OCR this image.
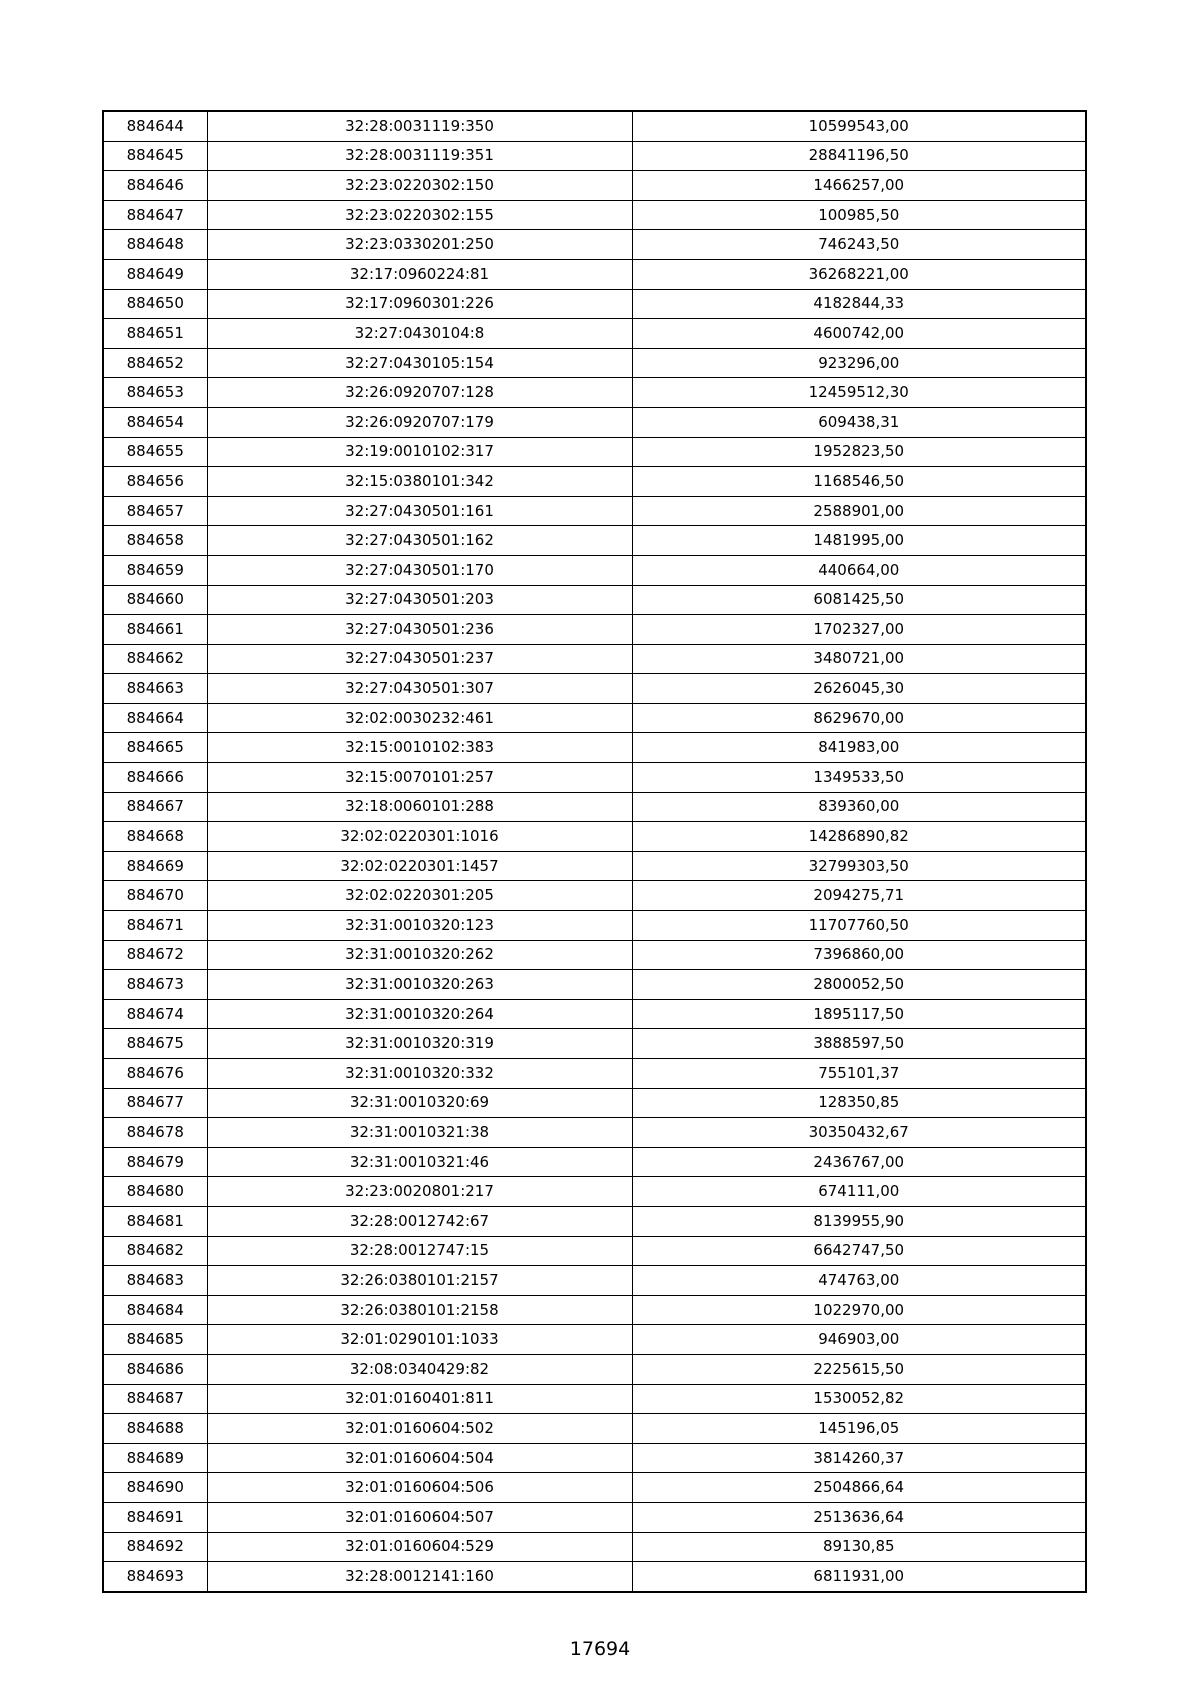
884644	32:28:0031119:350	10599543,00
884645	32:28:0031119:351	28841196,50
884646	32:23:0220302:150	1466257,00
884647	32:23:0220302:155	100985,50
884648	32:23:0330201:250	746243,50
884649	32:17:0960224:81	36268221,00
884650	32:17:0960301:226	4182844,33
884651	32:27:0430104:8	4600742,00
884652	32:27:0430105:154	923296,00
884653	32:26:0920707:128	12459512,30
884654	32:26:0920707:179	609438,31
884655	32:19:0010102:317	1952823,50
884656	32:15:0380101:342	1168546,50
884657	32:27:0430501:161	2588901,00
884658	32:27:0430501:162	1481995,00
884659	32:27:0430501:170	440664,00
884660	32:27:0430501:203	6081425,50
884661	32:27:0430501:236	1702327,00
884662	32:27:0430501:237	3480721,00
884663	32:27:0430501:307	2626045,30
884664	32:02:0030232:461	8629670,00
884665	32:15:0010102:383	841983,00
884666	32:15:0070101:257	1349533,50
884667	32:18:0060101:288	839360,00
884668	32:02:0220301:1016	14286890,82
884669	32:02:0220301:1457	32799303,50
884670	32:02:0220301:205	2094275,71
884671	32:31:0010320:123	11707760,50
884672	32:31:0010320:262	7396860,00
884673	32:31:0010320:263	2800052,50
884674	32:31:0010320:264	1895117,50
884675	32:31:0010320:319	3888597,50
884676	32:31:0010320:332	755101,37
884677	32:31:0010320:69	128350,85
884678	32:31:0010321:38	30350432,67
884679	32:31:0010321:46	2436767,00
884680	32:23:0020801:217	674111,00
884681	32:28:0012742:67	8139955,90
884682	32:28:0012747:15	6642747,50
884683	32:26:0380101:2157	474763,00
884684	32:26:0380101:2158	1022970,00
884685	32:01:0290101:1033	946903,00
884686	32:08:0340429:82	2225615,50
884687	32:01:0160401:811	1530052,82
884688	32:01:0160604:502	145196,05
884689	32:01:0160604:504	3814260,37
884690	32:01:0160604:506	2504866,64
884691	32:01:0160604:507	2513636,64
884692	32:01:0160604:529	89130,85
884693	32:28:0012141:160	6811931,00
17694
